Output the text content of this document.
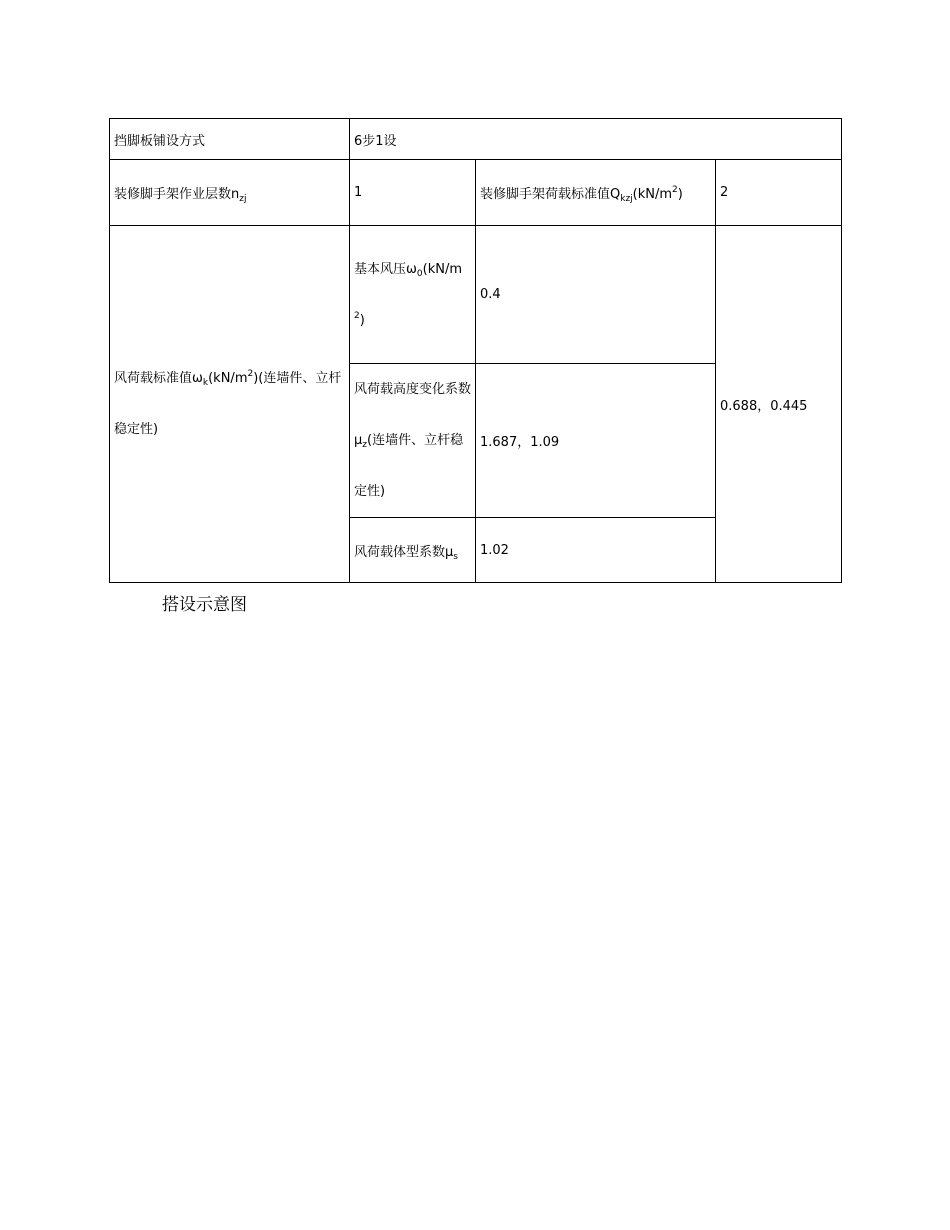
挡脚板铺设方式	6步1设		
装修脚手架作业层数$n_{zj}$	1	装修脚手架荷载标准值$Q_{kzj}(kN/m^2)$	2
风荷载标准值$\omega_k(kN/m^2)$(连墙件、立杆稳定性)	基本风压$\omega_0(kN/m^2)$	0.4	0.688，0.445
	风荷载高度变化系数$\mu_z$(连墙件、立杆稳定性)	1.687，1.09	
	风荷载体型系数$\mu_s$	1.02	
搭设示意图
